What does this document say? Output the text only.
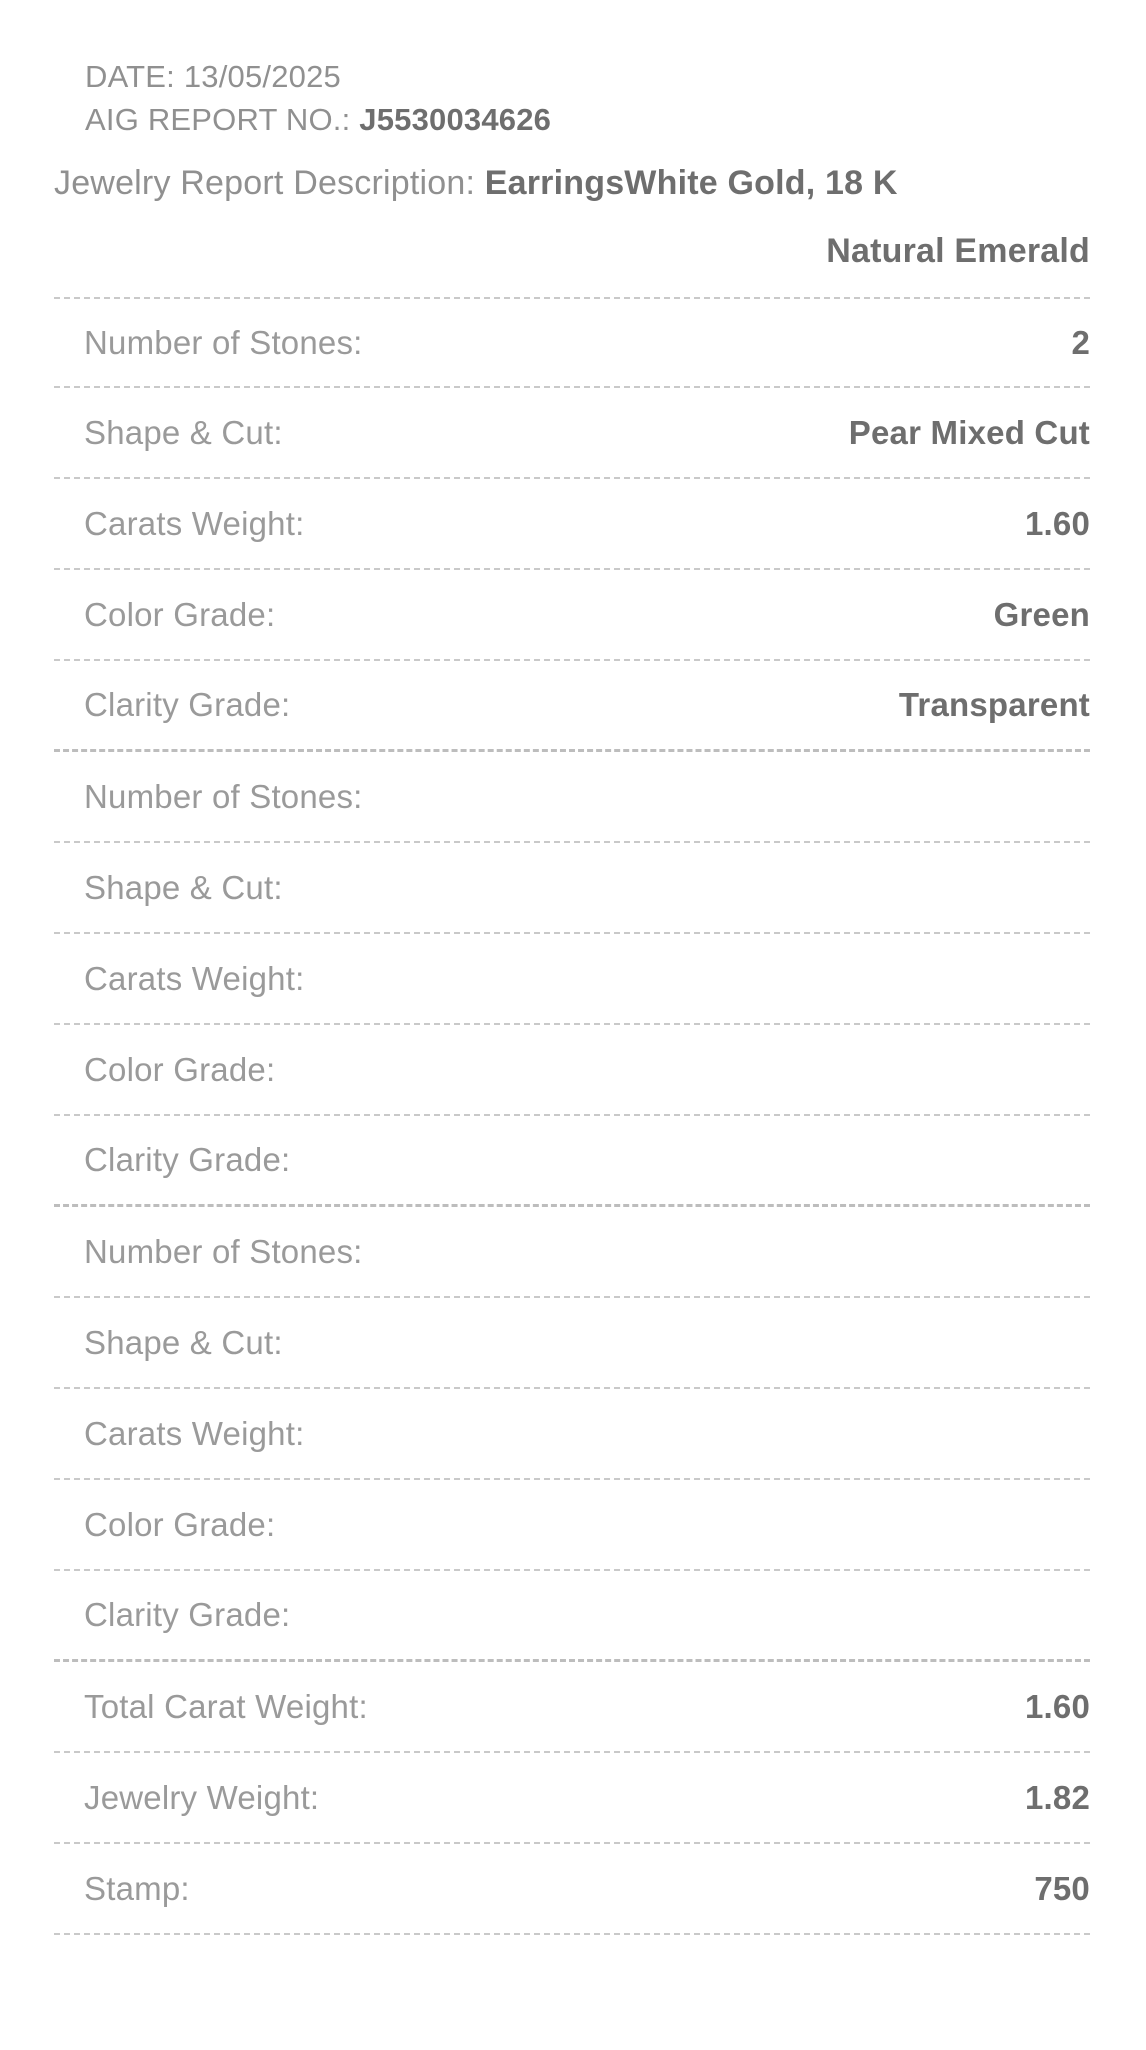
DATE: 13/05/2025
AIG REPORT NO.: J5530034626
Jewelry Report Description: EarringsWhite Gold, 18 K
Natural Emerald
Number of Stones:	2
Shape & Cut:	Pear Mixed Cut
Carats Weight:	1.60
Color Grade:	Green
Clarity Grade:	Transparent
Number of Stones:
Shape & Cut:
Carats Weight:
Color Grade:
Clarity Grade:
Number of Stones:
Shape & Cut:
Carats Weight:
Color Grade:
Clarity Grade:
Total Carat Weight:	1.60
Jewelry Weight:	1.82
Stamp:	750
